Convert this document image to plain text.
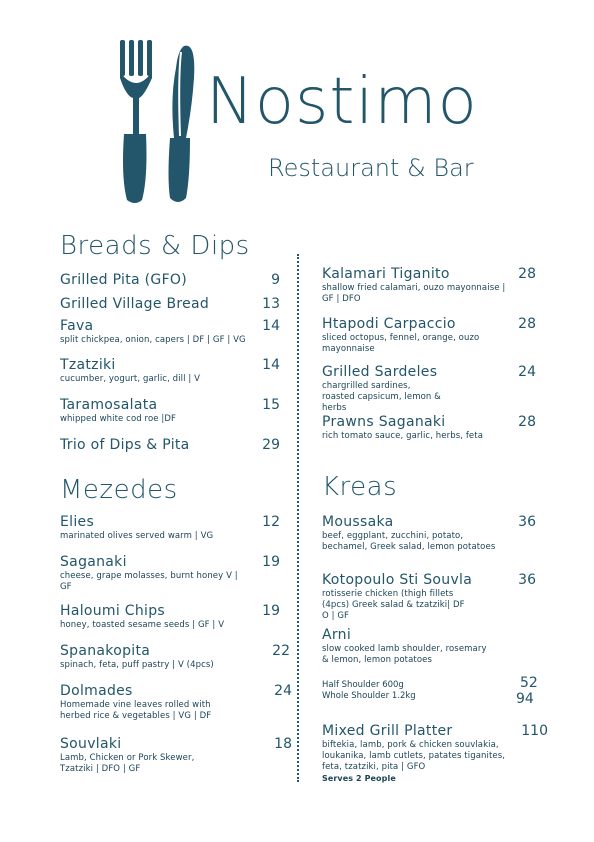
Nostimo
Restaurant & Bar
Breads & Dips
Grilled Pita (GFO)	9
Grilled Village Bread	13
Fava	14
split chickpea, onion, capers | DF | GF | VG
Tzatziki	14
cucumber, yogurt, garlic, dill | V
Taramosalata	15
whipped white cod roe |DF
Trio of Dips & Pita	29
Mezedes
Elies	12
marinated olives served warm | VG
Saganaki	19
cheese, grape molasses, burnt honey V | GF
Haloumi Chips	19
honey, toasted sesame seeds | GF | V
Spanakopita	22
spinach, feta, puff pastry | V (4pcs)
Dolmades	24
Homemade vine leaves rolled with herbed rice & vegetables | VG | DF
Souvlaki	18
Lamb, Chicken or Pork Skewer, Tzatziki | DFO | GF
Kalamari Tiganito	28
shallow fried calamari, ouzo mayonnaise | GF | DFO
Htapodi Carpaccio	28
sliced octopus, fennel, orange, ouzo mayonnaise
Grilled Sardeles	24
chargrilled sardines, roasted capsicum, lemon & herbs
Prawns Saganaki	28
rich tomato sauce, garlic, herbs, feta
Kreas
Moussaka	36
beef, eggplant, zucchini, potato, bechamel, Greek salad, lemon potatoes
Kotopoulo Sti Souvla	36
rotisserie chicken (thigh fillets (4pcs) Greek salad & tzatziki| DF O | GF
Arni
slow cooked lamb shoulder, rosemary & lemon, lemon potatoes
Half Shoulder 600g	52
Whole Shoulder 1.2kg	94
Mixed Grill Platter	110
biftekia, lamb, pork & chicken souvlakia, loukanika, lamb cutlets, patates tiganites, feta, tzatziki, pita | GFO
Serves 2 People
